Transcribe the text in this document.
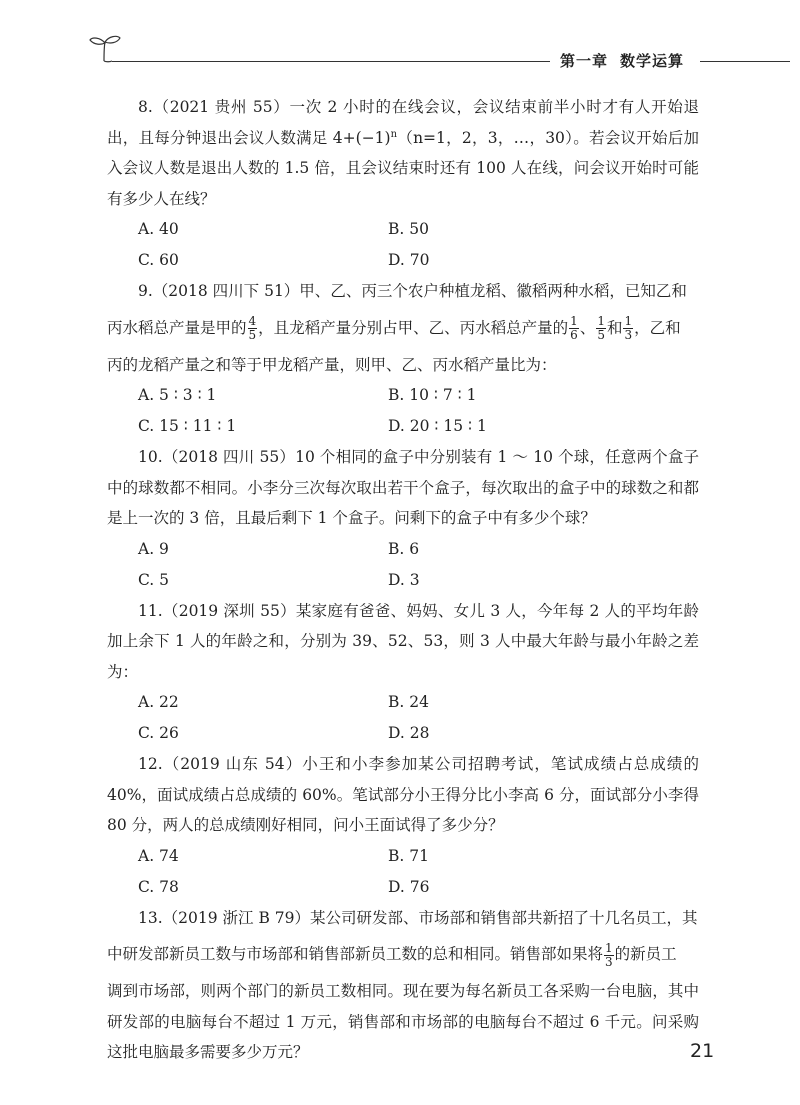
第一章 数学运算

8.（2021 贵州 55）一次 2 小时的在线会议，会议结束前半小时才有人开始退出，且每分钟退出会议人数满足 $4+(-1)^n(n=1$，2，3，…，30）。若会议开始后加入会议人数是退出人数的 1.5 倍，且会议结束时还有 100 人在线，问会议开始时可能有多少人在线？

A. 40	B. 50
C. 60	D. 70

9.（2018 四川下 51）甲、乙、丙三个农户种植龙稻、徽稻两种水稻，已知乙和

丙水稻总产量是甲的 $\frac{4}{5}$ ，且龙稻产量分别占甲、乙、丙水稻总产量的 $\frac{1}{6}$ 、 $\frac{1}{5}$ 和 $\frac{1}{3}$ ，乙和
丙的龙稻产量之和等于甲龙稻产量，则甲、乙、丙水稻产量比为：
A. 5 ∶ 3 ∶ 1	B. 10 ∶ 7 ∶ 1
C. 15 ∶ 11 ∶ 1	D. 20 ∶ 15 ∶ 1

10.（2018 四川 55）10 个相同的盒子中分别装有 1 ～ 10 个球，任意两个盒子中的球数都不相同。小李分三次每次取出若干个盒子，每次取出的盒子中的球数之和都是上一次的 3 倍，且最后剩下 1 个盒子。问剩下的盒子中有多少个球？

A. 9	B. 6
C. 5	D. 3

11.（2019 深圳 55）某家庭有爸爸、妈妈、女儿 3 人，今年每 2 人的平均年龄加上余下 1 人的年龄之和，分别为 39、52、53，则 3 人中最大年龄与最小年龄之差为：

A. 22	B. 24
C. 26	D. 28

12.（2019 山东 54）小王和小李参加某公司招聘考试，笔试成绩占总成绩的 40%，面试成绩占总成绩的 60%。笔试部分小王得分比小李高 6 分，面试部分小李得 80 分，两人的总成绩刚好相同，问小王面试得了多少分？

A. 74	B. 71
C. 78	D. 76

13.（2019 浙江 B 79）某公司研发部、市场部和销售部共新招了十几名员工，其

中研发部新员工数与市场部和销售部新员工数的总和相同。销售部如果将 $\frac{1}{3}$ 的新员工
调到市场部，则两个部门的新员工数相同。现在要为每名新员工各采购一台电脑，其中研发部的电脑每台不超过 1 万元，销售部和市场部的电脑每台不超过 6 千元。问采购这批电脑最多需要多少万元？	21
